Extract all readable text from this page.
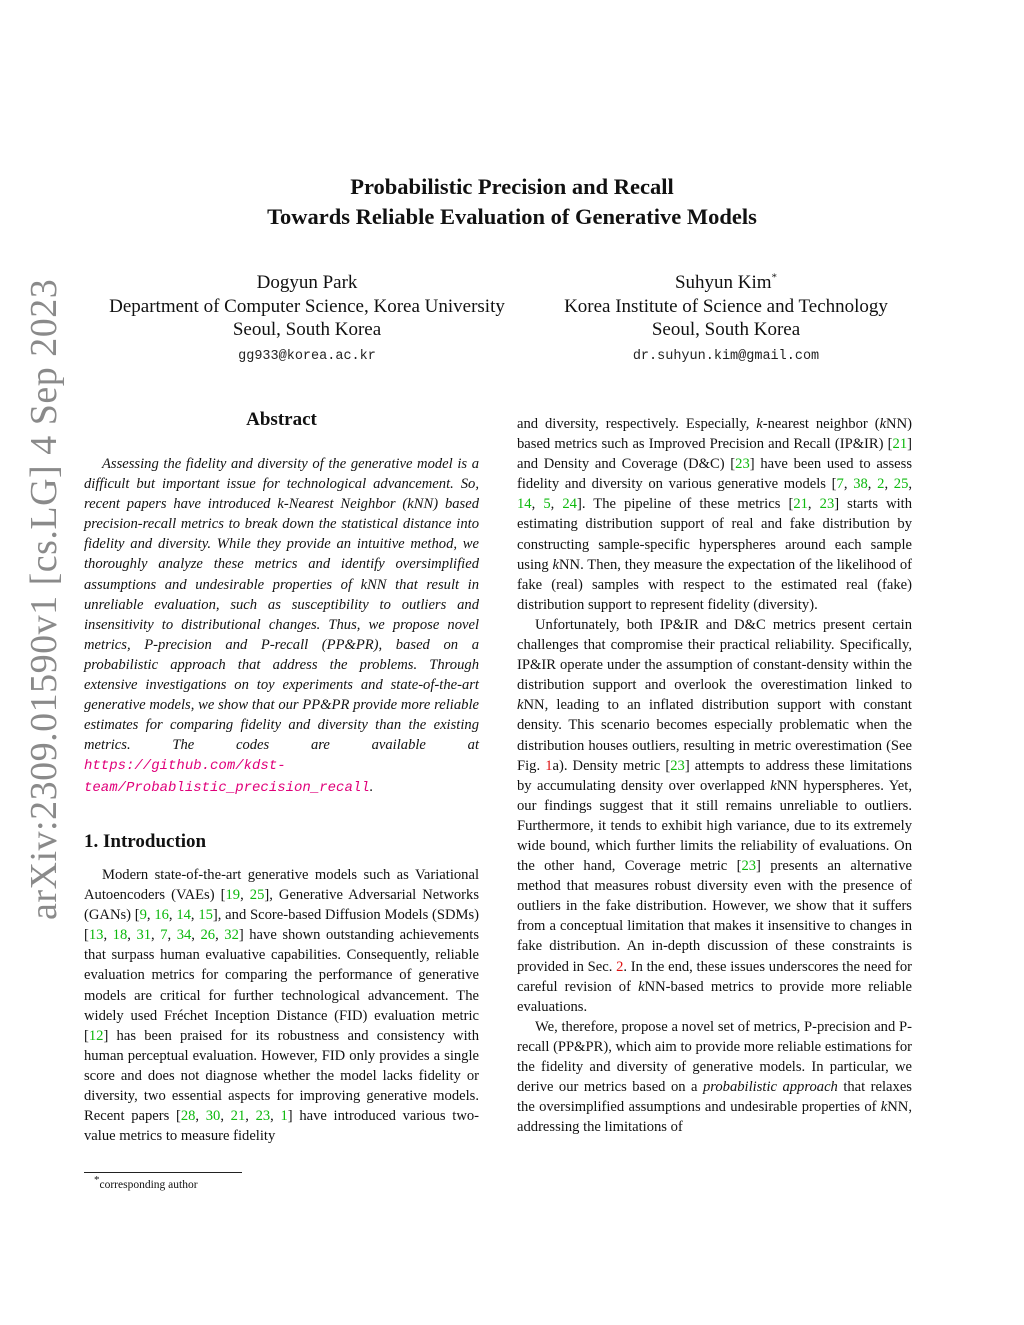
arXiv:2309.01590v1 [cs.LG] 4 Sep 2023
Probabilistic Precision and Recall
Towards Reliable Evaluation of Generative Models
Dogyun Park
Department of Computer Science, Korea University
Seoul, South Korea
gg933@korea.ac.kr
Suhyun Kim*
Korea Institute of Science and Technology
Seoul, South Korea
dr.suhyun.kim@gmail.com
Abstract

Assessing the fidelity and diversity of the generative model is a difficult but important issue for technological advancement. So, recent papers have introduced k-Nearest Neighbor (kNN) based precision-recall metrics to break down the statistical distance into fidelity and diversity. While they provide an intuitive method, we thoroughly analyze these metrics and identify oversimplified assumptions and undesirable properties of kNN that result in unreliable evaluation, such as susceptibility to outliers and insensitivity to distributional changes. Thus, we propose novel metrics, P-precision and P-recall (PP&PR), based on a probabilistic approach that address the problems. Through extensive investigations on toy experiments and state-of-the-art generative models, we show that our PP&PR provide more reliable estimates for comparing fidelity and diversity than the existing metrics. The codes are available at https://github.com/kdst-team/Probablistic_precision_recall.

1. Introduction

Modern state-of-the-art generative models such as Variational Autoencoders (VAEs) [19, 25], Generative Adversarial Networks (GANs) [9, 16, 14, 15], and Score-based Diffusion Models (SDMs) [13, 18, 31, 7, 34, 26, 32] have shown outstanding achievements that surpass human evaluative capabilities. Consequently, reliable evaluation metrics for comparing the performance of generative models are critical for further technological advancement. The widely used Fréchet Inception Distance (FID) evaluation metric [12] has been praised for its robustness and consistency with human perceptual evaluation. However, FID only provides a single score and does not diagnose whether the model lacks fidelity or diversity, two essential aspects for improving generative models. Recent papers [28, 30, 21, 23, 1] have introduced various two-value metrics to measure fidelity

and diversity, respectively. Especially, k-nearest neighbor (kNN) based metrics such as Improved Precision and Recall (IP&IR) [21] and Density and Coverage (D&C) [23] have been used to assess fidelity and diversity on various generative models [7, 38, 2, 25, 14, 5, 24]. The pipeline of these metrics [21, 23] starts with estimating distribution support of real and fake distribution by constructing sample-specific hyperspheres around each sample using kNN. Then, they measure the expectation of the likelihood of fake (real) samples with respect to the estimated real (fake) distribution support to represent fidelity (diversity).

Unfortunately, both IP&IR and D&C metrics present certain challenges that compromise their practical reliability. Specifically, IP&IR operate under the assumption of constant-density within the distribution support and overlook the overestimation linked to kNN, leading to an inflated distribution support with constant density. This scenario becomes especially problematic when the distribution houses outliers, resulting in metric overestimation (See Fig. 1a). Density metric [23] attempts to address these limitations by accumulating density over overlapped kNN hyperspheres. Yet, our findings suggest that it still remains unreliable to outliers. Furthermore, it tends to exhibit high variance, due to its extremely wide bound, which further limits the reliability of evaluations. On the other hand, Coverage metric [23] presents an alternative method that measures robust diversity even with the presence of outliers in the fake distribution. However, we show that it suffers from a conceptual limitation that makes it insensitive to changes in fake distribution. An in-depth discussion of these constraints is provided in Sec. 2. In the end, these issues underscores the need for careful revision of kNN-based metrics to provide more reliable evaluations.

We, therefore, propose a novel set of metrics, P-precision and P-recall (PP&PR), which aim to provide more reliable estimations for the fidelity and diversity of generative models. In particular, we derive our metrics based on a probabilistic approach that relaxes the oversimplified assumptions and undesirable properties of kNN, addressing the limitations of

*corresponding author
